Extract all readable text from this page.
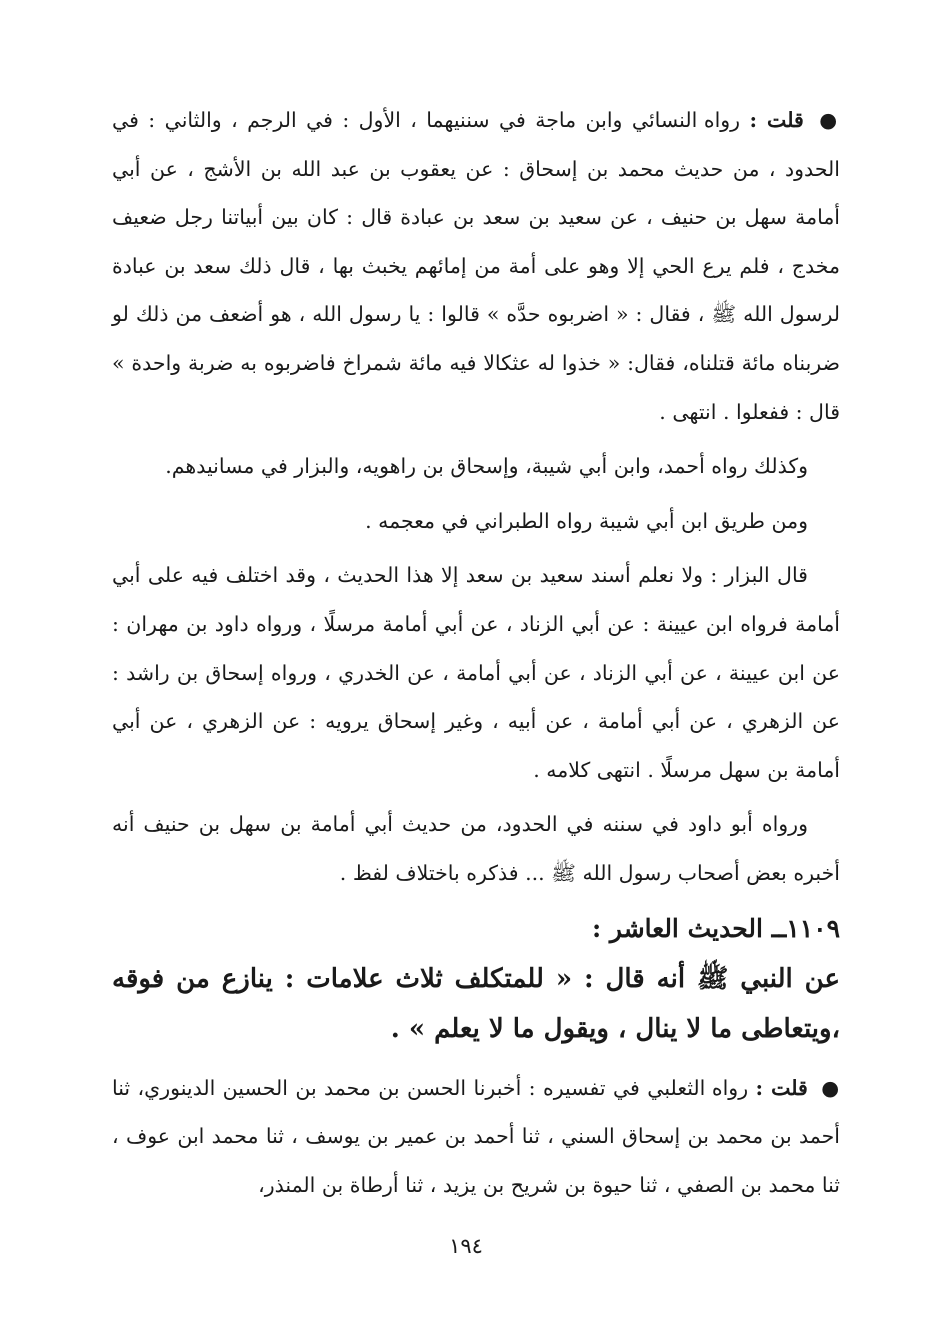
● قلت : رواه النسائي وابن ماجة في سننيهما ، الأول : في الرجم ، والثاني : في الحدود ، من حديث محمد بن إسحاق : عن يعقوب بن عبد الله بن الأشج ، عن أبي أمامة سهل بن حنيف ، عن سعيد بن سعد بن عبادة قال : كان بين أبياتنا رجل ضعيف مخدج ، فلم يرع الحي إلا وهو على أمة من إمائهم يخبث بها ، قال ذلك سعد بن عبادة لرسول الله ﷺ ، فقال : « اضربوه حدَّه » قالوا : يا رسول الله ، هو أضعف من ذلك لو ضربناه مائة قتلناه، فقال: « خذوا له عثكالا فيه مائة شمراخ فاضربوه به ضربة واحدة » قال : ففعلوا . انتهى .

وكذلك رواه أحمد، وابن أبي شيبة، وإسحاق بن راهويه، والبزار في مسانيدهم.

ومن طريق ابن أبي شيبة رواه الطبراني في معجمه .

قال البزار : ولا نعلم أسند سعيد بن سعد إلا هذا الحديث ، وقد اختلف فيه على أبي أمامة فرواه ابن عيينة : عن أبي الزناد ، عن أبي أمامة مرسلًا ، ورواه داود بن مهران : عن ابن عيينة ، عن أبي الزناد ، عن أبي أمامة ، عن الخدري ، ورواه إسحاق بن راشد : عن الزهري ، عن أبي أمامة ، عن أبيه ، وغير إسحاق يرويه : عن الزهري ، عن أبي أمامة بن سهل مرسلًا . انتهى كلامه .

ورواه أبو داود في سننه في الحدود، من حديث أبي أمامة بن سهل بن حنيف أنه أخبره بعض أصحاب رسول الله ﷺ ... فذكره باختلاف لفظ .

١١٠٩ــ الحديث العاشر :

عن النبي ﷺ أنه قال : « للمتكلف ثلاث علامات : ينازع من فوقه ،ويتعاطى ما لا ينال ، ويقول ما لا يعلم » .

● قلت : رواه الثعلبي في تفسيره : أخبرنا الحسن بن محمد بن الحسين الدينوري، ثنا أحمد بن محمد بن إسحاق السني ، ثنا أحمد بن عمير بن يوسف ، ثنا محمد ابن عوف ، ثنا محمد بن الصفي ، ثنا حيوة بن شريح بن يزيد ، ثنا أرطاة بن المنذر،

١٩٤
